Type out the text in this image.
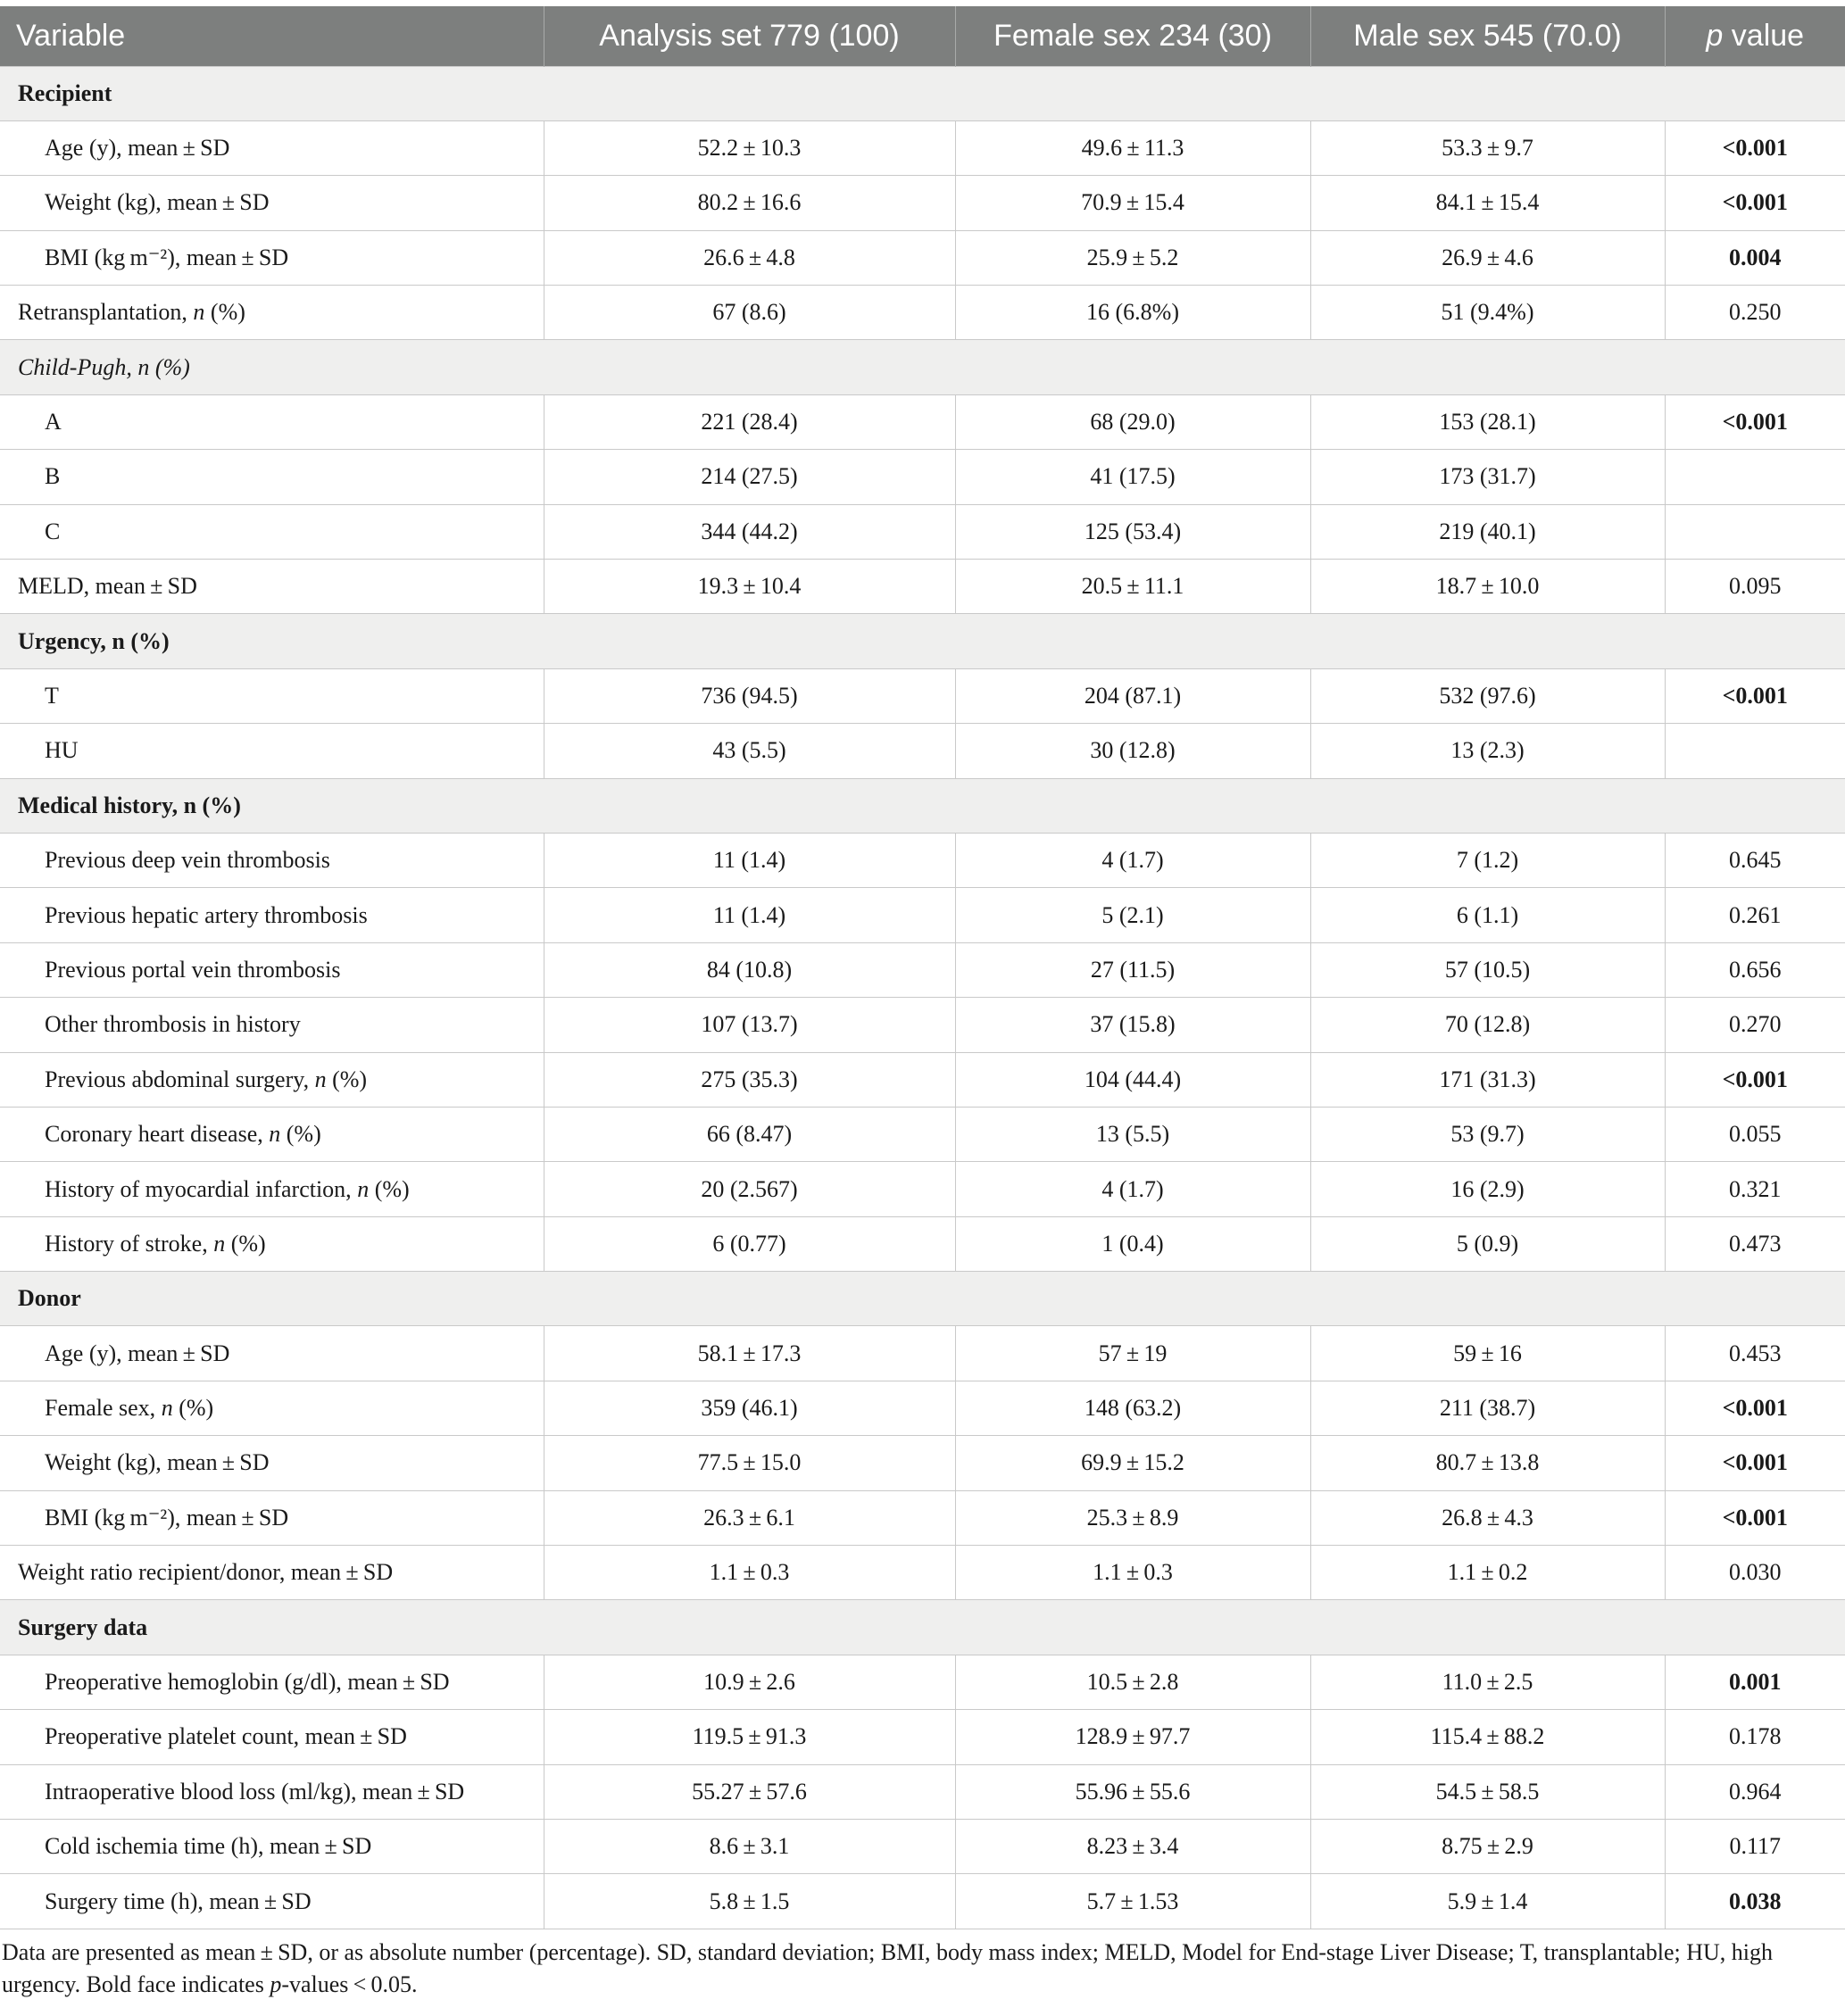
Variable	Analysis set 779 (100)	Female sex 234 (30)	Male sex 545 (70.0)	p value
Recipient				
Age (y), mean ± SD	52.2 ± 10.3	49.6 ± 11.3	53.3 ± 9.7	<0.001
Weight (kg), mean ± SD	80.2 ± 16.6	70.9 ± 15.4	84.1 ± 15.4	<0.001
BMI (kg m⁻²), mean ± SD	26.6 ± 4.8	25.9 ± 5.2	26.9 ± 4.6	0.004
Retransplantation, n (%)	67 (8.6)	16 (6.8%)	51 (9.4%)	0.250
Child-Pugh, n (%)				
A	221 (28.4)	68 (29.0)	153 (28.1)	<0.001
B	214 (27.5)	41 (17.5)	173 (31.7)	
C	344 (44.2)	125 (53.4)	219 (40.1)	
MELD, mean ± SD	19.3 ± 10.4	20.5 ± 11.1	18.7 ± 10.0	0.095
Urgency, n (%)				
T	736 (94.5)	204 (87.1)	532 (97.6)	<0.001
HU	43 (5.5)	30 (12.8)	13 (2.3)	
Medical history, n (%)				
Previous deep vein thrombosis	11 (1.4)	4 (1.7)	7 (1.2)	0.645
Previous hepatic artery thrombosis	11 (1.4)	5 (2.1)	6 (1.1)	0.261
Previous portal vein thrombosis	84 (10.8)	27 (11.5)	57 (10.5)	0.656
Other thrombosis in history	107 (13.7)	37 (15.8)	70 (12.8)	0.270
Previous abdominal surgery, n (%)	275 (35.3)	104 (44.4)	171 (31.3)	<0.001
Coronary heart disease, n (%)	66 (8.47)	13 (5.5)	53 (9.7)	0.055
History of myocardial infarction, n (%)	20 (2.567)	4 (1.7)	16 (2.9)	0.321
History of stroke, n (%)	6 (0.77)	1 (0.4)	5 (0.9)	0.473
Donor				
Age (y), mean ± SD	58.1 ± 17.3	57 ± 19	59 ± 16	0.453
Female sex, n (%)	359 (46.1)	148 (63.2)	211 (38.7)	<0.001
Weight (kg), mean ± SD	77.5 ± 15.0	69.9 ± 15.2	80.7 ± 13.8	<0.001
BMI (kg m⁻²), mean ± SD	26.3 ± 6.1	25.3 ± 8.9	26.8 ± 4.3	<0.001
Weight ratio recipient/donor, mean ± SD	1.1 ± 0.3	1.1 ± 0.3	1.1 ± 0.2	0.030
Surgery data				
Preoperative hemoglobin (g/dl), mean ± SD	10.9 ± 2.6	10.5 ± 2.8	11.0 ± 2.5	0.001
Preoperative platelet count, mean ± SD	119.5 ± 91.3	128.9 ± 97.7	115.4 ± 88.2	0.178
Intraoperative blood loss (ml/kg), mean ± SD	55.27 ± 57.6	55.96 ± 55.6	54.5 ± 58.5	0.964
Cold ischemia time (h), mean ± SD	8.6 ± 3.1	8.23 ± 3.4	8.75 ± 2.9	0.117
Surgery time (h), mean ± SD	5.8 ± 1.5	5.7 ± 1.53	5.9 ± 1.4	0.038
Data are presented as mean ± SD, or as absolute number (percentage). SD, standard deviation; BMI, body mass index; MELD, Model for End-stage Liver Disease; T, transplantable; HU, high
urgency. Bold face indicates p-values < 0.05.
